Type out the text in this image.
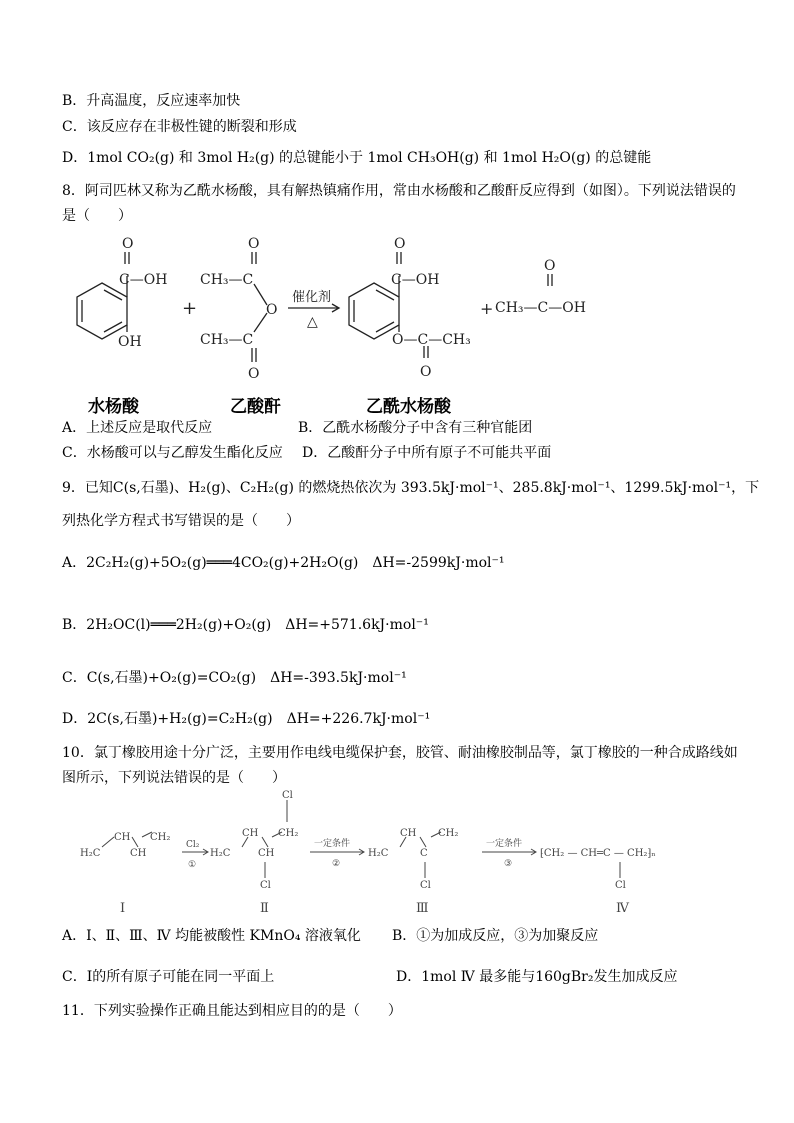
B．升高温度，反应速率加快
C．该反应存在非极性键的断裂和形成
D．1mol CO₂(g) 和 3mol H₂(g) 的总键能小于 1mol CH₃OH(g) 和 1mol H₂O(g) 的总键能
8．阿司匹林又称为乙酰水杨酸，具有解热镇痛作用，常由水杨酸和乙酸酐反应得到（如图）。下列说法错误的
是（　　）
O
C—OH
OH
+
O
CH₃—C
O
CH₃—C
O
催化剂
△
O
C—OH
O—C—CH₃
O
+
O
CH₃—C—OH
水杨酸	乙酸酐	乙酰水杨酸
A．上述反应是取代反应	B．乙酰水杨酸分子中含有三种官能团
C．水杨酸可以与乙醇发生酯化反应 D．乙酸酐分子中所有原子不可能共平面
9．已知C(s,石墨)、H₂(g)、C₂H₂(g) 的燃烧热依次为 393.5kJ·mol⁻¹、285.8kJ·mol⁻¹、1299.5kJ·mol⁻¹，下
列热化学方程式书写错误的是（　　）
A．2C₂H₂(g)+5O₂(g)═══4CO₂(g)+2H₂O(g)　ΔH=-2599kJ·mol⁻¹
B．2H₂OC(l)═══2H₂(g)+O₂(g)　ΔH=+571.6kJ·mol⁻¹
C．C(s,石墨)+O₂(g)=CO₂(g)　ΔH=-393.5kJ·mol⁻¹
D．2C(s,石墨)+H₂(g)=C₂H₂(g)　ΔH=+226.7kJ·mol⁻¹
10．氯丁橡胶用途十分广泛，主要用作电线电缆保护套，胶管、耐油橡胶制品等，氯丁橡胶的一种合成路线如
图所示，下列说法错误的是（　　）
CH CH₂
H₂C	CH
Cl₂
①
Cl
CH CH₂
H₂C	CH
Cl
一定条件
②
CH CH₂
H₂C	C
Cl
一定条件
③
⁅CH₂ — CH═C — CH₂⁆ₙ
Cl
Ⅰ	Ⅱ	Ⅲ	Ⅳ
A．Ⅰ、Ⅱ、Ⅲ、Ⅳ 均能被酸性 KMnO₄ 溶液氧化 B．①为加成反应，③为加聚反应
C．Ⅰ的所有原子可能在同一平面上	D．1mol Ⅳ 最多能与160gBr₂发生加成反应
11．下列实验操作正确且能达到相应目的的是（　　）
